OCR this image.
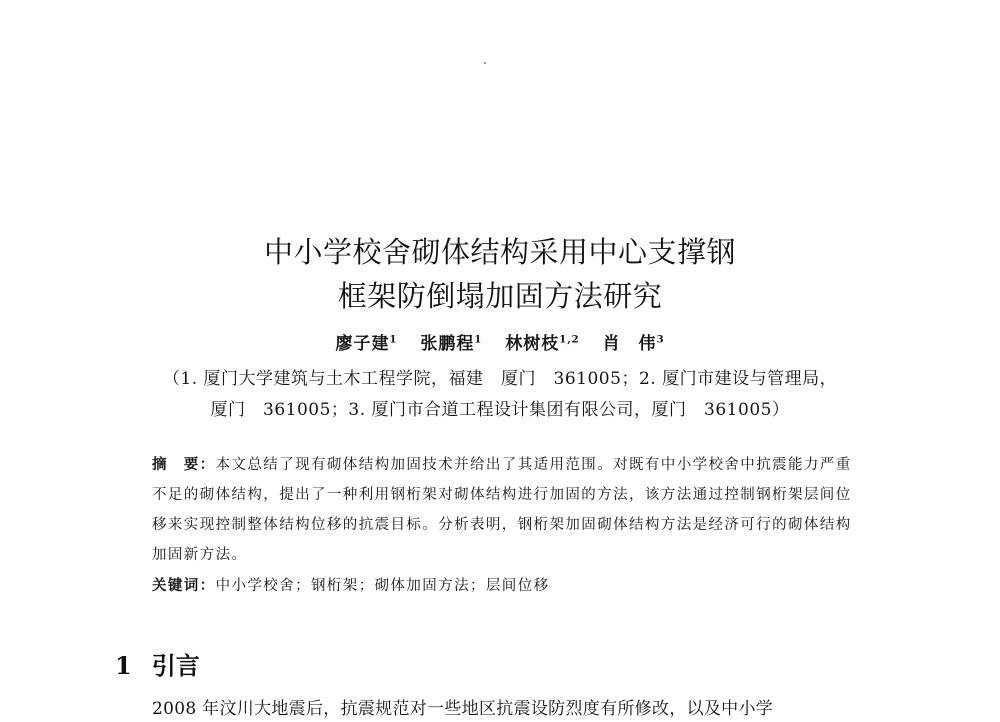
中小学校舍砌体结构采用中心支撑钢
框架防倒塌加固方法研究
廖子建$^1$ 张鹏程$^1$ 林树枝$^{1,2}$ 肖　伟$^3$
（1. 厦门大学建筑与土木工程学院，福建　厦门　361005；2. 厦门市建设与管理局，
厦门　361005；3. 厦门市合道工程设计集团有限公司，厦门　361005）
摘　要：本文总结了现有砌体结构加固技术并给出了其适用范围。对既有中小学校舍中抗震能力严重不足的砌体结构，提出了一种利用钢桁架对砌体结构进行加固的方法，该方法通过控制钢桁架层间位移来实现控制整体结构位移的抗震目标。分析表明，钢桁架加固砌体结构方法是经济可行的砌体结构加固新方法。
关键词：中小学校舍；钢桁架；砌体加固方法；层间位移
1 引言
2008 年汶川大地震后，抗震规范对一些地区抗震设防烈度有所修改，以及中小学
